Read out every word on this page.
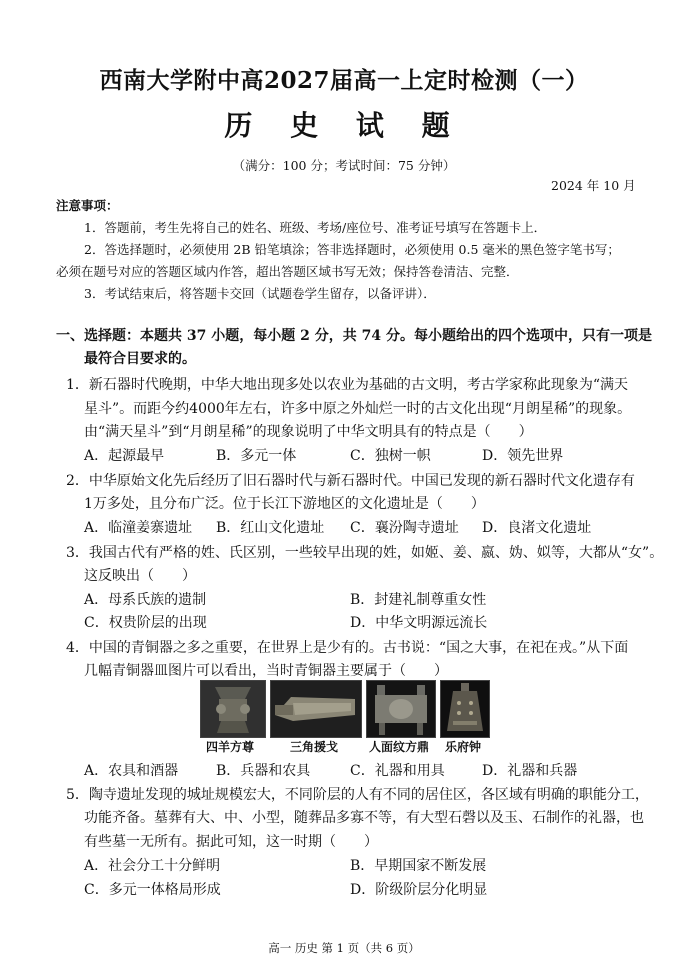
西南大学附中高2027届高一上定时检测（一）
历 史 试 题
（满分：100 分；考试时间：75 分钟）
2024 年 10 月
注意事项：
1．答题前，考生先将自己的姓名、班级、考场/座位号、准考证号填写在答题卡上．
2．答选择题时，必须使用 2B 铅笔填涂；答非选择题时，必须使用 0.5 毫米的黑色签字笔书写；
必须在题号对应的答题区域内作答，超出答题区域书写无效；保持答卷清洁、完整．
3．考试结束后，将答题卡交回（试题卷学生留存，以备评讲）．
一、选择题：本题共 37 小题，每小题 2 分，共 74 分。每小题给出的四个选项中，只有一项是
最符合目要求的。
1．新石器时代晚期，中华大地出现多处以农业为基础的古文明，考古学家称此现象为“满天
星斗”。而距今约4000年左右，许多中原之外灿烂一时的古文化出现“月朗星稀”的现象。
由“满天星斗”到“月朗星稀”的现象说明了中华文明具有的特点是（　　）
A．起源最早	B．多元一体	C．独树一帜	D．领先世界
2．中华原始文化先后经历了旧石器时代与新石器时代。中国已发现的新石器时代文化遗存有
1万多处，且分布广泛。位于长江下游地区的文化遗址是（　　）
A．临潼姜寨遗址 B．红山文化遗址 C．襄汾陶寺遗址 D．良渚文化遗址
3．我国古代有严格的姓、氏区别，一些较早出现的姓，如姬、姜、嬴、妫、姒等，大都从“女”。
这反映出（　　）
A．母系氏族的遗制	B．封建礼制尊重女性
C．权贵阶层的出现	D．中华文明源远流长
4．中国的青铜器之多之重要，在世界上是少有的。古书说：“国之大事，在祀在戎。”从下面
几幅青铜器皿图片可以看出，当时青铜器主要属于（　　）
四羊方尊	三角援戈	人面纹方鼎 乐府钟
A．农具和酒器	B．兵器和农具	C．礼器和用具	D．礼器和兵器
5．陶寺遗址发现的城址规模宏大，不同阶层的人有不同的居住区，各区域有明确的职能分工，
功能齐备。墓葬有大、中、小型，随葬品多寡不等，有大型石磬以及玉、石制作的礼器，也
有些墓一无所有。据此可知，这一时期（　　）
A．社会分工十分鲜明	B．早期国家不断发展
C．多元一体格局形成	D．阶级阶层分化明显
高一 历史 第 1 页（共 6 页）
